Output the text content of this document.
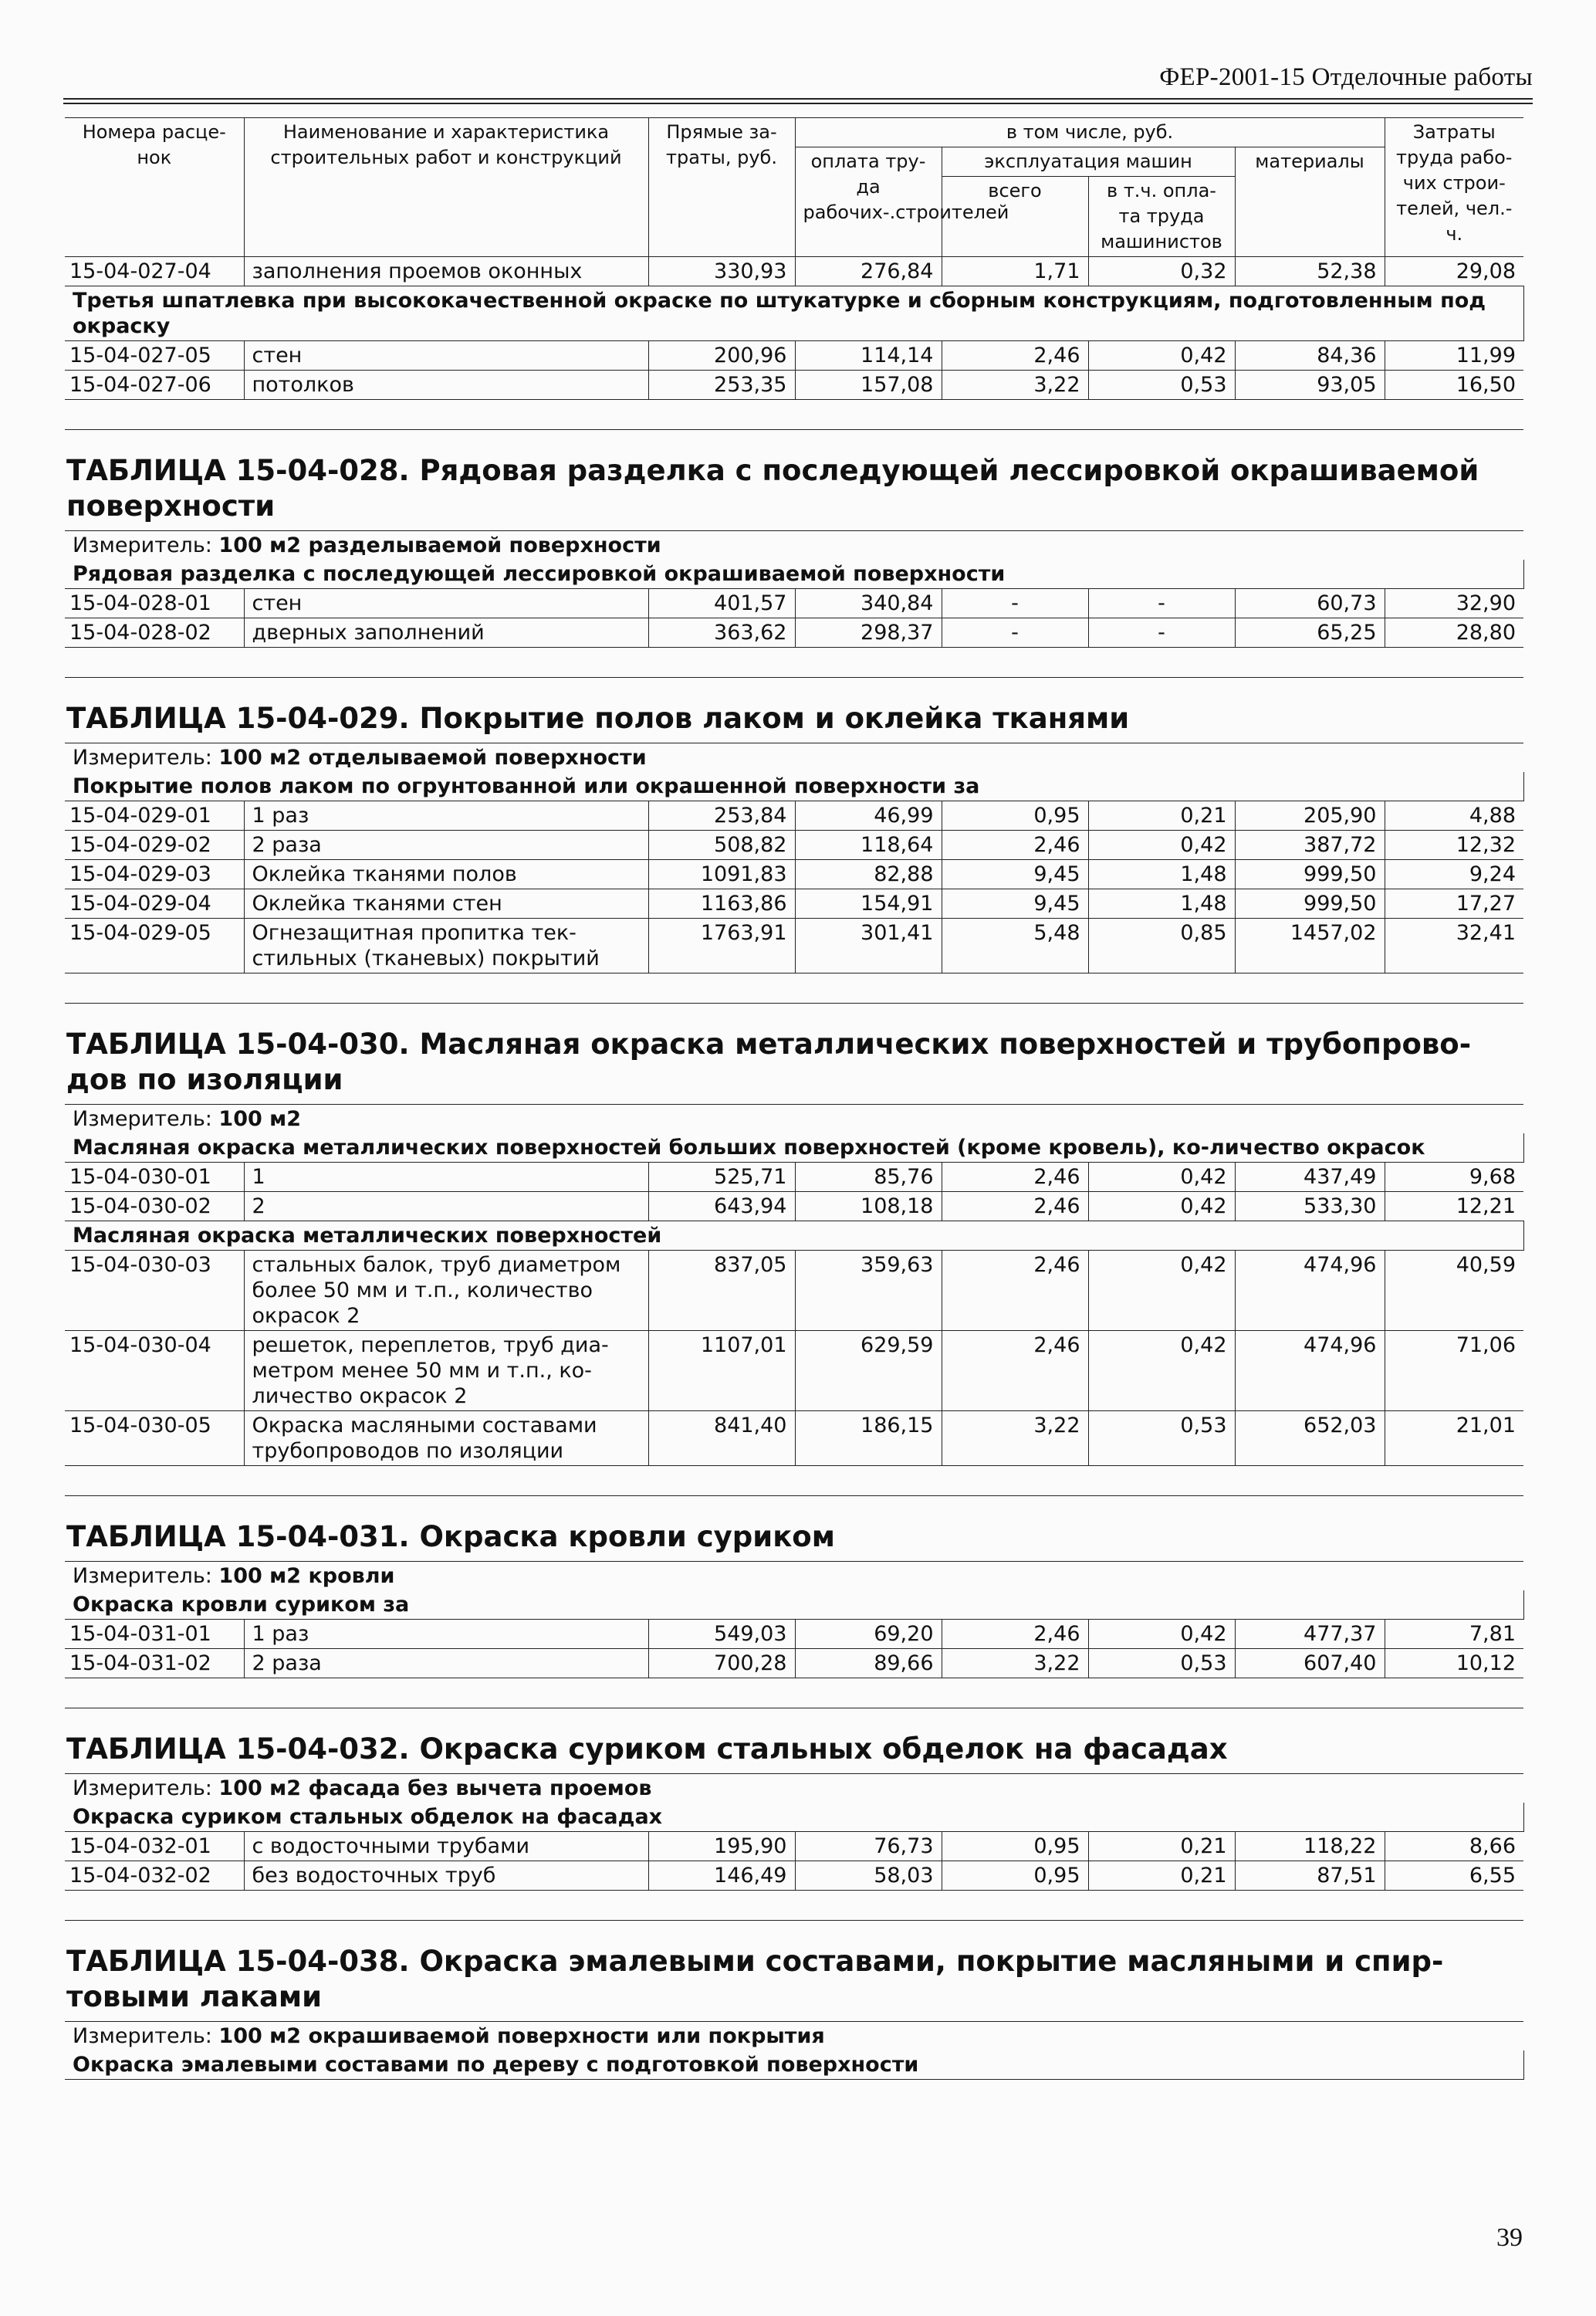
ФЕР-2001-15 Отделочные работы
Номера расце-нок	Наименование и характеристика строительных работ и конструкций	Прямые за-траты, руб.	в том числе, руб.				Затраты труда рабо-чих строи-телей, чел.-ч.
			оплата тру-да рабочих-.строителей	эксплуатация машин		материалы	
				всего	в т.ч. опла-та труда машинистов		
15-04-027-04	заполнения проемов оконных	330,93	276,84	1,71	0,32	52,38	29,08
Третья шпатлевка при высококачественной окраске по штукатурке и сборным конструкциям, подготовленным под окраску							
15-04-027-05	стен	200,96	114,14	2,46	0,42	84,36	11,99
15-04-027-06	потолков	253,35	157,08	3,22	0,53	93,05	16,50

ТАБЛИЦА 15-04-028. Рядовая разделка с последующей лессировкой окрашиваемой поверхности							
Измеритель: 100 м2 разделываемой поверхности							
Рядовая разделка с последующей лессировкой окрашиваемой поверхности							
15-04-028-01	стен	401,57	340,84	-	-	60,73	32,90
15-04-028-02	дверных заполнений	363,62	298,37	-	-	65,25	28,80

ТАБЛИЦА 15-04-029. Покрытие полов лаком и оклейка тканями							
Измеритель: 100 м2 отделываемой поверхности							
Покрытие полов лаком по огрунтованной или окрашенной поверхности за							
15-04-029-01	1 раз	253,84	46,99	0,95	0,21	205,90	4,88
15-04-029-02	2 раза	508,82	118,64	2,46	0,42	387,72	12,32
15-04-029-03	Оклейка тканями полов	1091,83	82,88	9,45	1,48	999,50	9,24
15-04-029-04	Оклейка тканями стен	1163,86	154,91	9,45	1,48	999,50	17,27
15-04-029-05	Огнезащитная пропитка тек-стильных (тканевых) покрытий	1763,91	301,41	5,48	0,85	1457,02	32,41

ТАБЛИЦА 15-04-030. Масляная окраска металлических поверхностей и трубопрово-дов по изоляции							
Измеритель: 100 м2							
Масляная окраска металлических поверхностей больших поверхностей (кроме кровель), ко-личество окрасок							
15-04-030-01	1	525,71	85,76	2,46	0,42	437,49	9,68
15-04-030-02	2	643,94	108,18	2,46	0,42	533,30	12,21
Масляная окраска металлических поверхностей							
15-04-030-03	стальных балок, труб диаметром более 50 мм и т.п., количество окрасок 2	837,05	359,63	2,46	0,42	474,96	40,59
15-04-030-04	решеток, переплетов, труб диа-метром менее 50 мм и т.п., ко-личество окрасок 2	1107,01	629,59	2,46	0,42	474,96	71,06
15-04-030-05	Окраска масляными составами трубопроводов по изоляции	841,40	186,15	3,22	0,53	652,03	21,01

ТАБЛИЦА 15-04-031. Окраска кровли суриком							
Измеритель: 100 м2 кровли							
Окраска кровли суриком за							
15-04-031-01	1 раз	549,03	69,20	2,46	0,42	477,37	7,81
15-04-031-02	2 раза	700,28	89,66	3,22	0,53	607,40	10,12

ТАБЛИЦА 15-04-032. Окраска суриком стальных обделок на фасадах							
Измеритель: 100 м2 фасада без вычета проемов							
Окраска суриком стальных обделок на фасадах							
15-04-032-01	с водосточными трубами	195,90	76,73	0,95	0,21	118,22	8,66
15-04-032-02	без водосточных труб	146,49	58,03	0,95	0,21	87,51	6,55

ТАБЛИЦА 15-04-038. Окраска эмалевыми составами, покрытие масляными и спир-товыми лаками							
Измеритель: 100 м2 окрашиваемой поверхности или покрытия							
Окраска эмалевыми составами по дереву с подготовкой поверхности							
39
